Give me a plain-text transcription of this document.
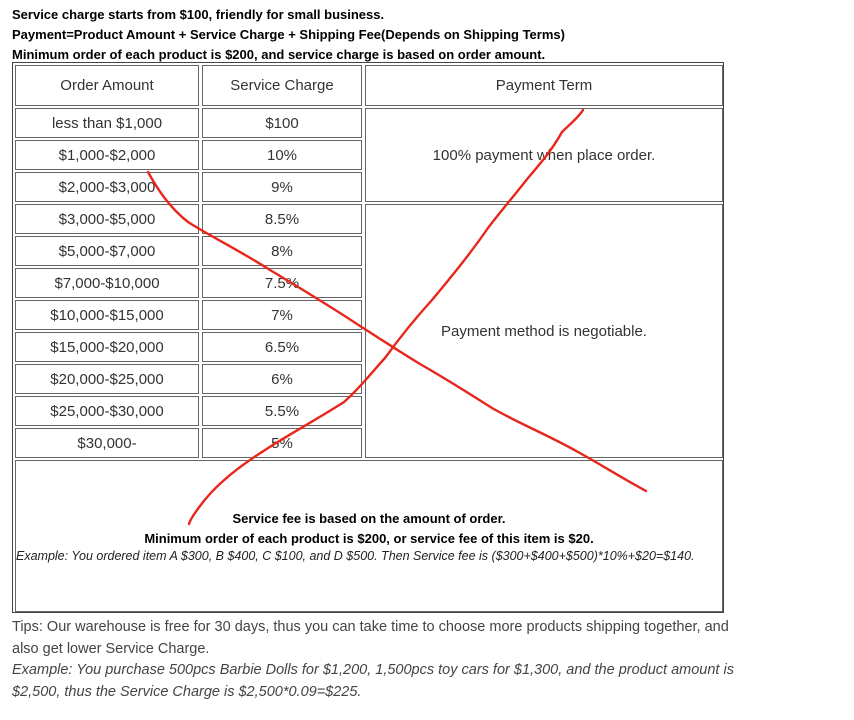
Service charge starts from $100, friendly for small business.
Payment=Product Amount + Service Charge + Shipping Fee(Depends on Shipping Terms)
Minimum order of each product is $200, and service charge is based on order amount.
Order Amount	Service Charge	Payment Term
less than $1,000	$100
$1,000-$2,000	10%
$2,000-$3,000	9%
$3,000-$5,000	8.5%
$5,000-$7,000	8%
$7,000-$10,000	7.5%
$10,000-$15,000	7%
$15,000-$20,000	6.5%
$20,000-$25,000	6%
$25,000-$30,000	5.5%
$30,000-	5%
100% payment when place order.
Payment method is negotiable.
Service fee is based on the amount of order.
Minimum order of each product is $200, or service fee of this item is $20.
Example: You ordered item A $300, B $400, C $100, and D $500. Then Service fee is ($300+$400+$500)*10%+$20=$140.
Tips: Our warehouse is free for 30 days, thus you can take time to choose more products shipping together, and also get lower Service Charge.
Example: You purchase 500pcs Barbie Dolls for $1,200, 1,500pcs toy cars for $1,300, and the product amount is $2,500, thus the Service Charge is $2,500*0.09=$225.
